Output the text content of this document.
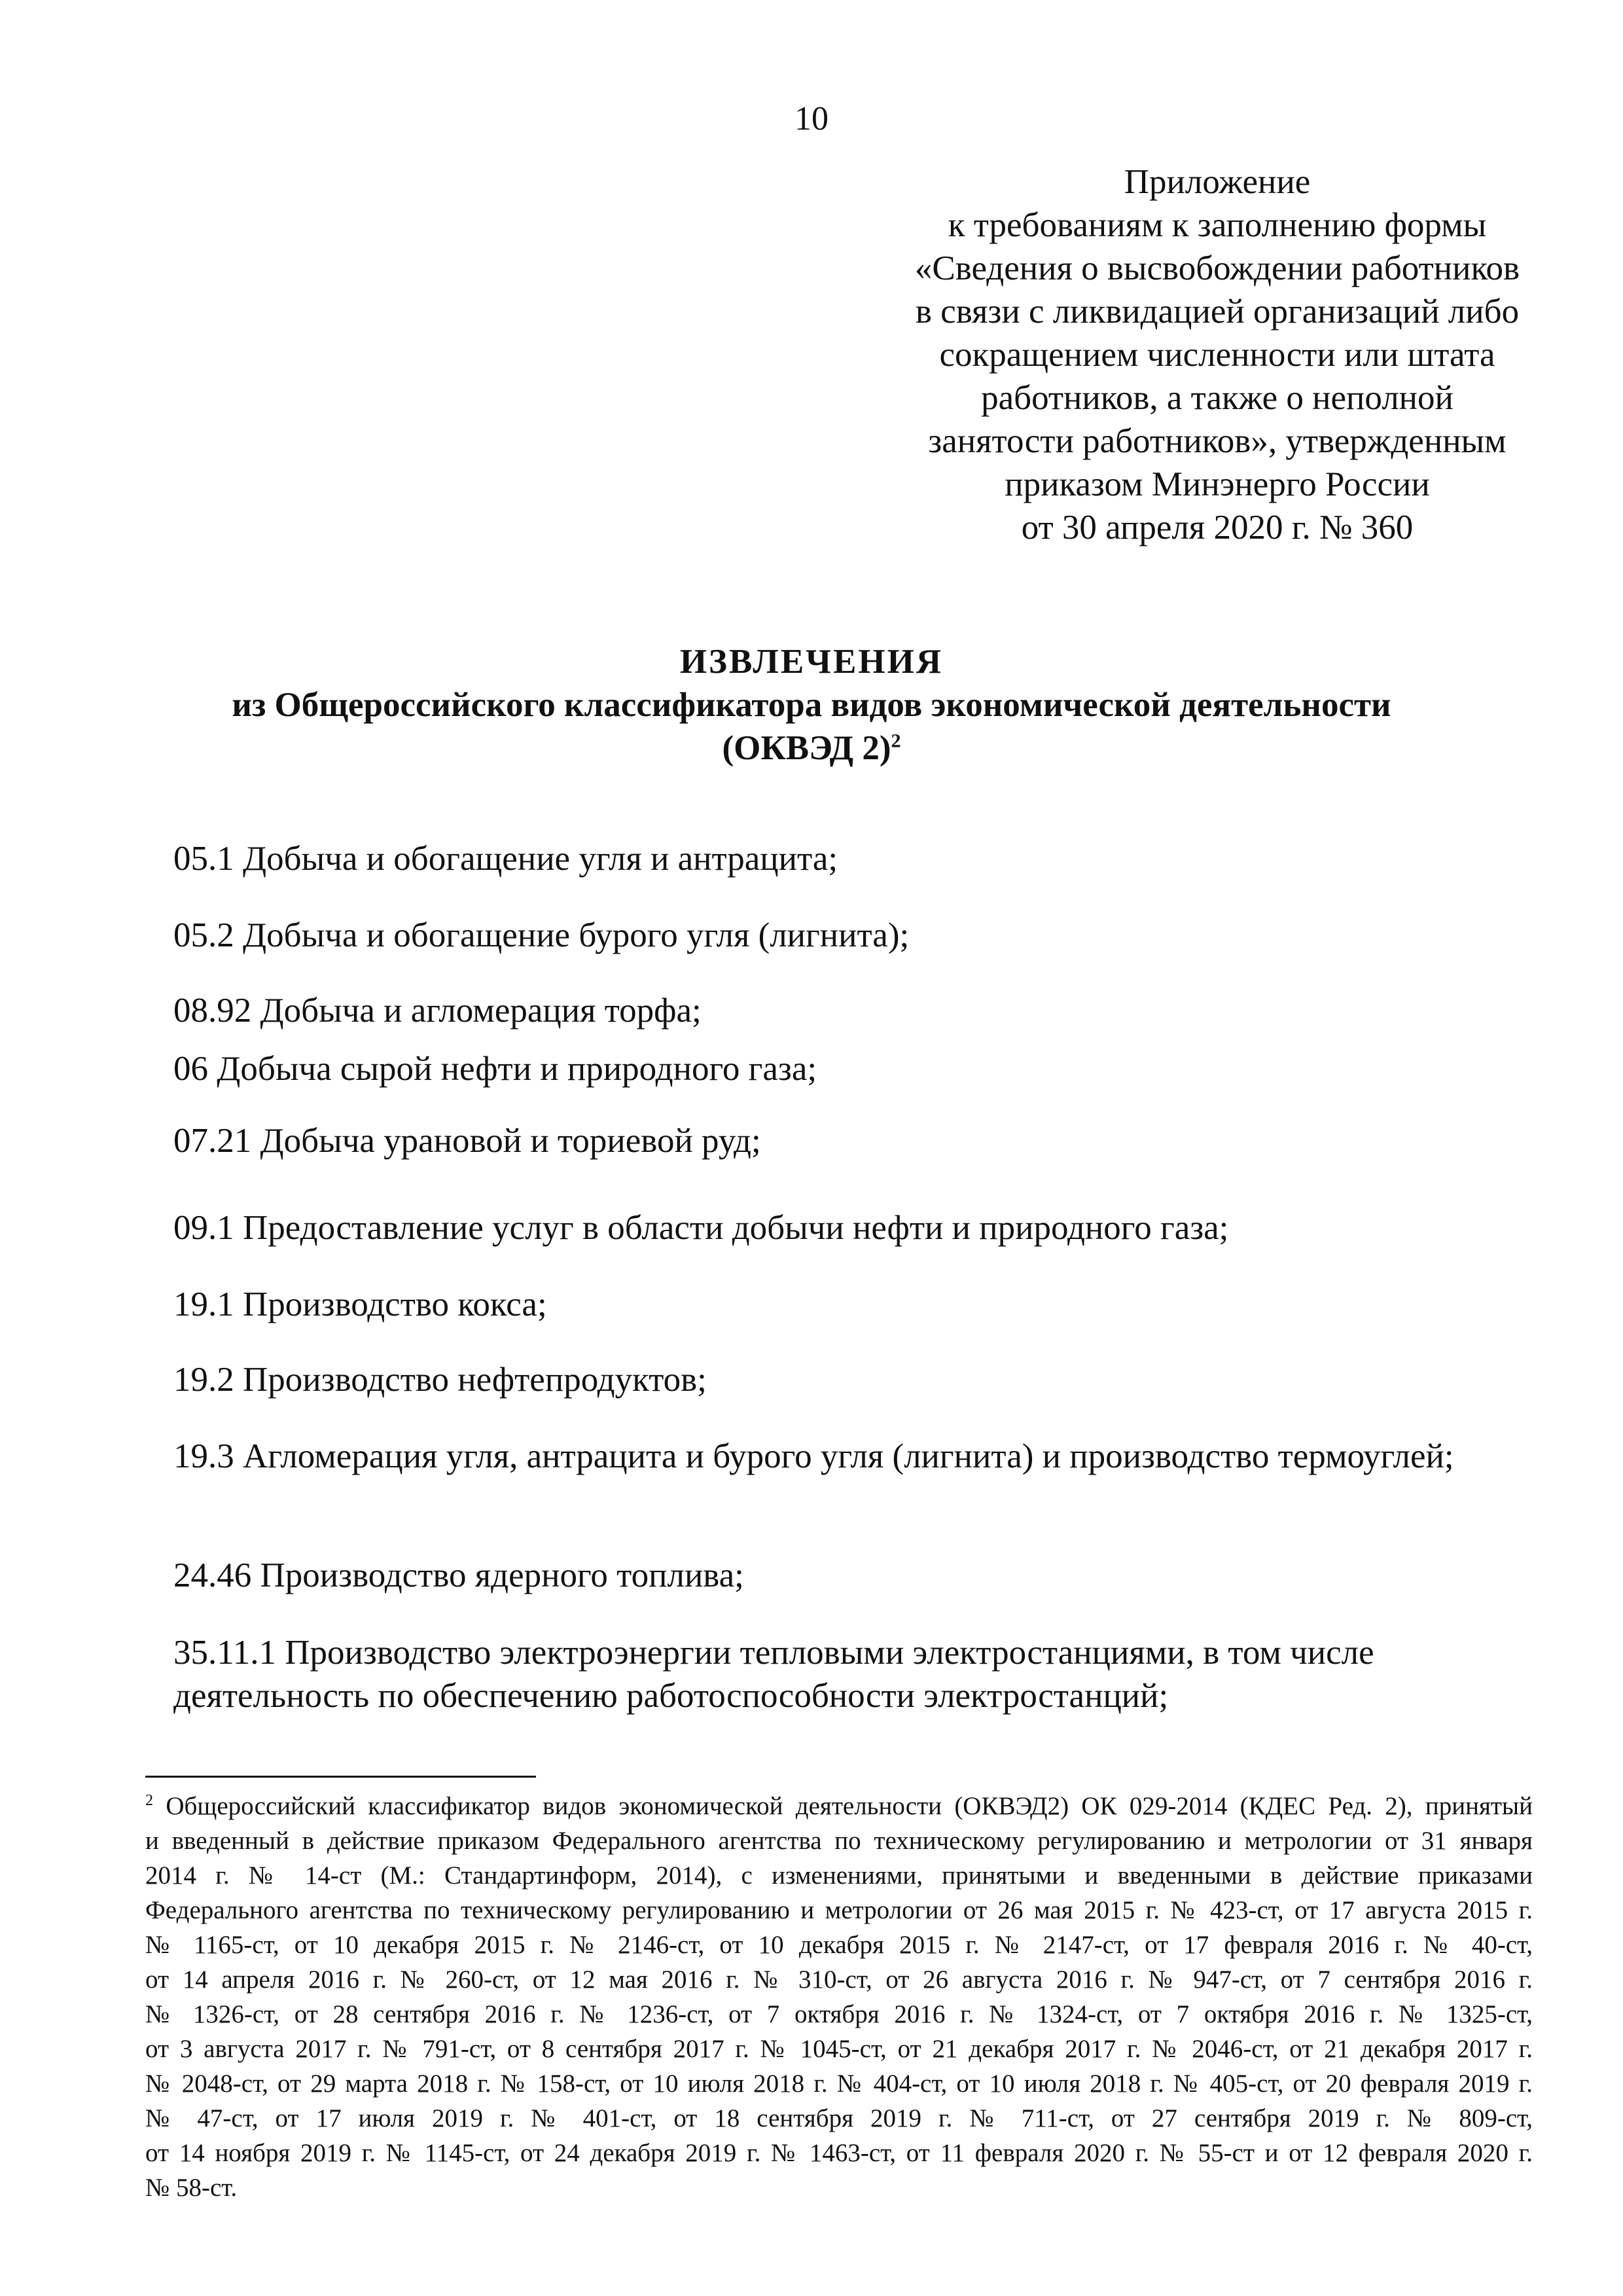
10
Приложение
к требованиям к заполнению формы
«Сведения о высвобождении работников
в связи с ликвидацией организаций либо
сокращением численности или штата
работников, а также о неполной
занятости работников», утвержденным
приказом Минэнерго России
от 30 апреля 2020 г. № 360
ИЗВЛЕЧЕНИЯ
из Общероссийского классификатора видов экономической деятельности
(ОКВЭД 2)$^2$
05.1 Добыча и обогащение угля и антрацита;
05.2 Добыча и обогащение бурого угля (лигнита);
08.92 Добыча и агломерация торфа;
06 Добыча сырой нефти и природного газа;
07.21 Добыча урановой и ториевой руд;
09.1 Предоставление услуг в области добычи нефти и природного газа;
19.1 Производство кокса;
19.2 Производство нефтепродуктов;
19.3 Агломерация угля, антрацита и бурого угля (лигнита) и производство термоуглей;
24.46 Производство ядерного топлива;
35.11.1 Производство электроэнергии тепловыми электростанциями, в том числе деятельность по обеспечению работоспособности электростанций;
$^2$ Общероссийский классификатор видов экономической деятельности (ОКВЭД2) ОК 029-2014 (КДЕС Ред. 2), принятый
и введенный в действие приказом Федерального агентства по техническому регулированию и метрологии от 31 января
2014 г. № 14-ст (М.: Стандартинформ, 2014), с изменениями, принятыми и введенными в действие приказами
Федерального агентства по техническому регулированию и метрологии от 26 мая 2015 г. № 423-ст, от 17 августа 2015 г.
№ 1165-ст, от 10 декабря 2015 г. № 2146-ст, от 10 декабря 2015 г. № 2147-ст, от 17 февраля 2016 г. № 40-ст,
от 14 апреля 2016 г. № 260-ст, от 12 мая 2016 г. № 310-ст, от 26 августа 2016 г. № 947-ст, от 7 сентября 2016 г.
№ 1326-ст, от 28 сентября 2016 г. № 1236-ст, от 7 октября 2016 г. № 1324-ст, от 7 октября 2016 г. № 1325-ст,
от 3 августа 2017 г. № 791-ст, от 8 сентября 2017 г. № 1045-ст, от 21 декабря 2017 г. № 2046-ст, от 21 декабря 2017 г.
№ 2048-ст, от 29 марта 2018 г. № 158-ст, от 10 июля 2018 г. № 404-ст, от 10 июля 2018 г. № 405-ст, от 20 февраля 2019 г.
№ 47-ст, от 17 июля 2019 г. № 401-ст, от 18 сентября 2019 г. № 711-ст, от 27 сентября 2019 г. № 809-ст,
от 14 ноября 2019 г. № 1145-ст, от 24 декабря 2019 г. № 1463-ст, от 11 февраля 2020 г. № 55-ст и от 12 февраля 2020 г.
№ 58-ст.
